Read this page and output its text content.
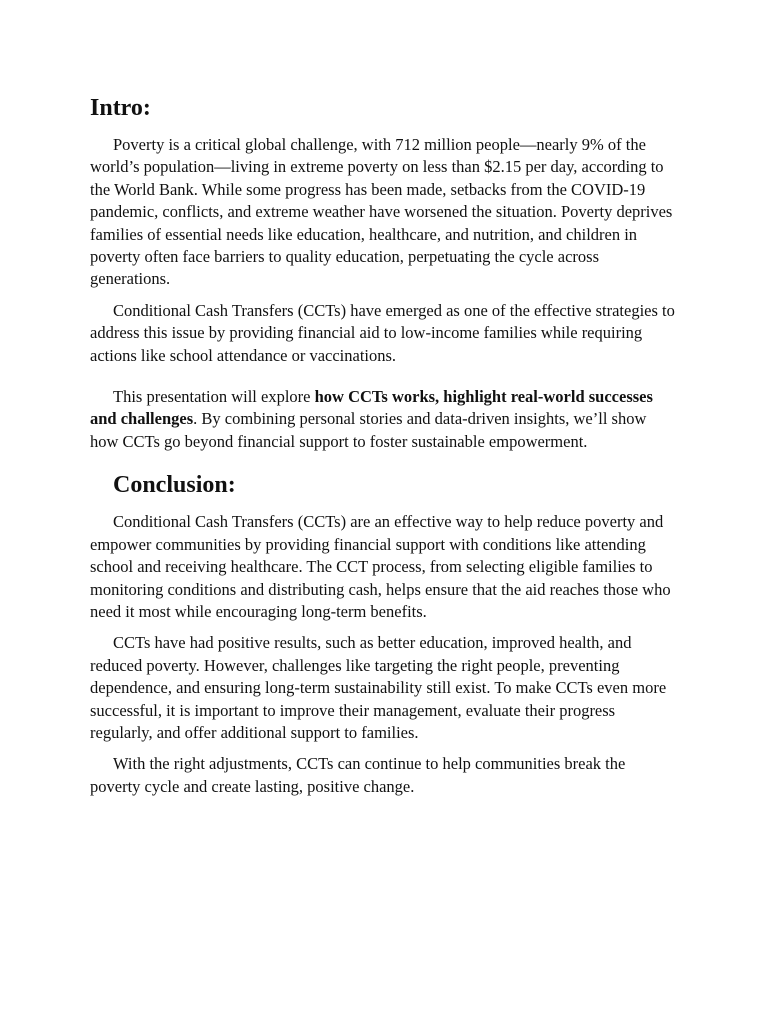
Intro:

Poverty is a critical global challenge, with 712 million people—nearly 9% of the world’s population—living in extreme poverty on less than $2.15 per day, according to the World Bank. While some progress has been made, setbacks from the COVID-19 pandemic, conflicts, and extreme weather have worsened the situation. Poverty deprives families of essential needs like education, healthcare, and nutrition, and children in poverty often face barriers to quality education, perpetuating the cycle across generations.

Conditional Cash Transfers (CCTs) have emerged as one of the effective strategies to address this issue by providing financial aid to low-income families while requiring actions like school attendance or vaccinations.

This presentation will explore how CCTs works, highlight real-world successes and challenges. By combining personal stories and data-driven insights, we’ll show how CCTs go beyond financial support to foster sustainable empowerment.

Conclusion:

Conditional Cash Transfers (CCTs) are an effective way to help reduce poverty and empower communities by providing financial support with conditions like attending school and receiving healthcare. The CCT process, from selecting eligible families to monitoring conditions and distributing cash, helps ensure that the aid reaches those who need it most while encouraging long-term benefits.

CCTs have had positive results, such as better education, improved health, and reduced poverty. However, challenges like targeting the right people, preventing dependence, and ensuring long-term sustainability still exist. To make CCTs even more successful, it is important to improve their management, evaluate their progress regularly, and offer additional support to families.

With the right adjustments, CCTs can continue to help communities break the poverty cycle and create lasting, positive change.
